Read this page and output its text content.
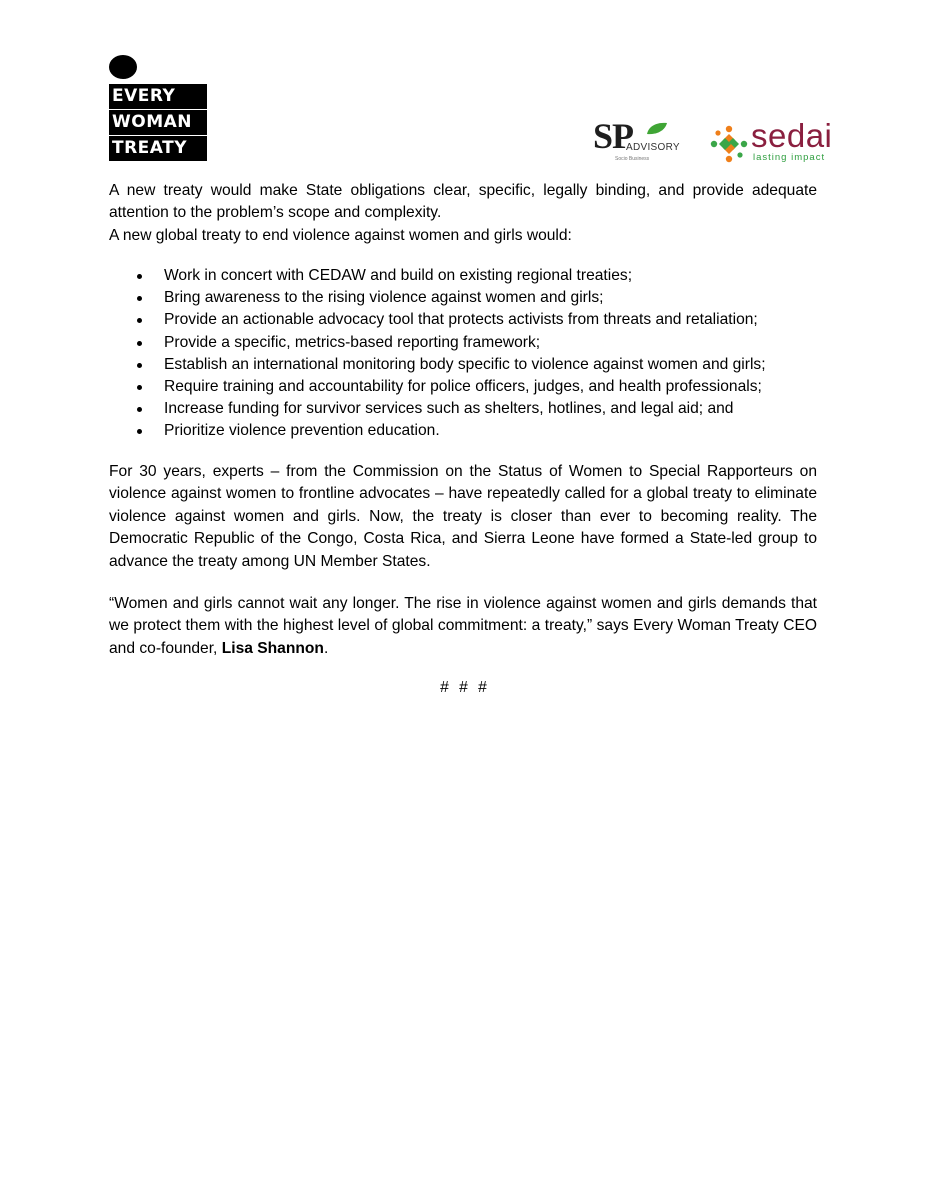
EVERY
WOMAN
TREATY	SP
ADVISORY
Socio Business
sedai
lasting impact

A new treaty would make State obligations clear, specific, legally binding, and provide adequate attention to the problem’s scope and complexity.

A new global treaty to end violence against women and girls would:

Work in concert with CEDAW and build on existing regional treaties;
Bring awareness to the rising violence against women and girls;
Provide an actionable advocacy tool that protects activists from threats and retaliation;
Provide a specific, metrics-based reporting framework;
Establish an international monitoring body specific to violence against women and girls;
Require training and accountability for police officers, judges, and health professionals;
Increase funding for survivor services such as shelters, hotlines, and legal aid; and
Prioritize violence prevention education.
For 30 years, experts – from the Commission on the Status of Women to Special Rapporteurs on violence against women to frontline advocates – have repeatedly called for a global treaty to eliminate violence against women and girls. Now, the treaty is closer than ever to becoming reality. The Democratic Republic of the Congo, Costa Rica, and Sierra Leone have formed a State-led group to advance the treaty among UN Member States.
“Women and girls cannot wait any longer. The rise in violence against women and girls demands that we protect them with the highest level of global commitment: a treaty,” says Every Woman Treaty CEO and co-founder, Lisa Shannon.
# # #
